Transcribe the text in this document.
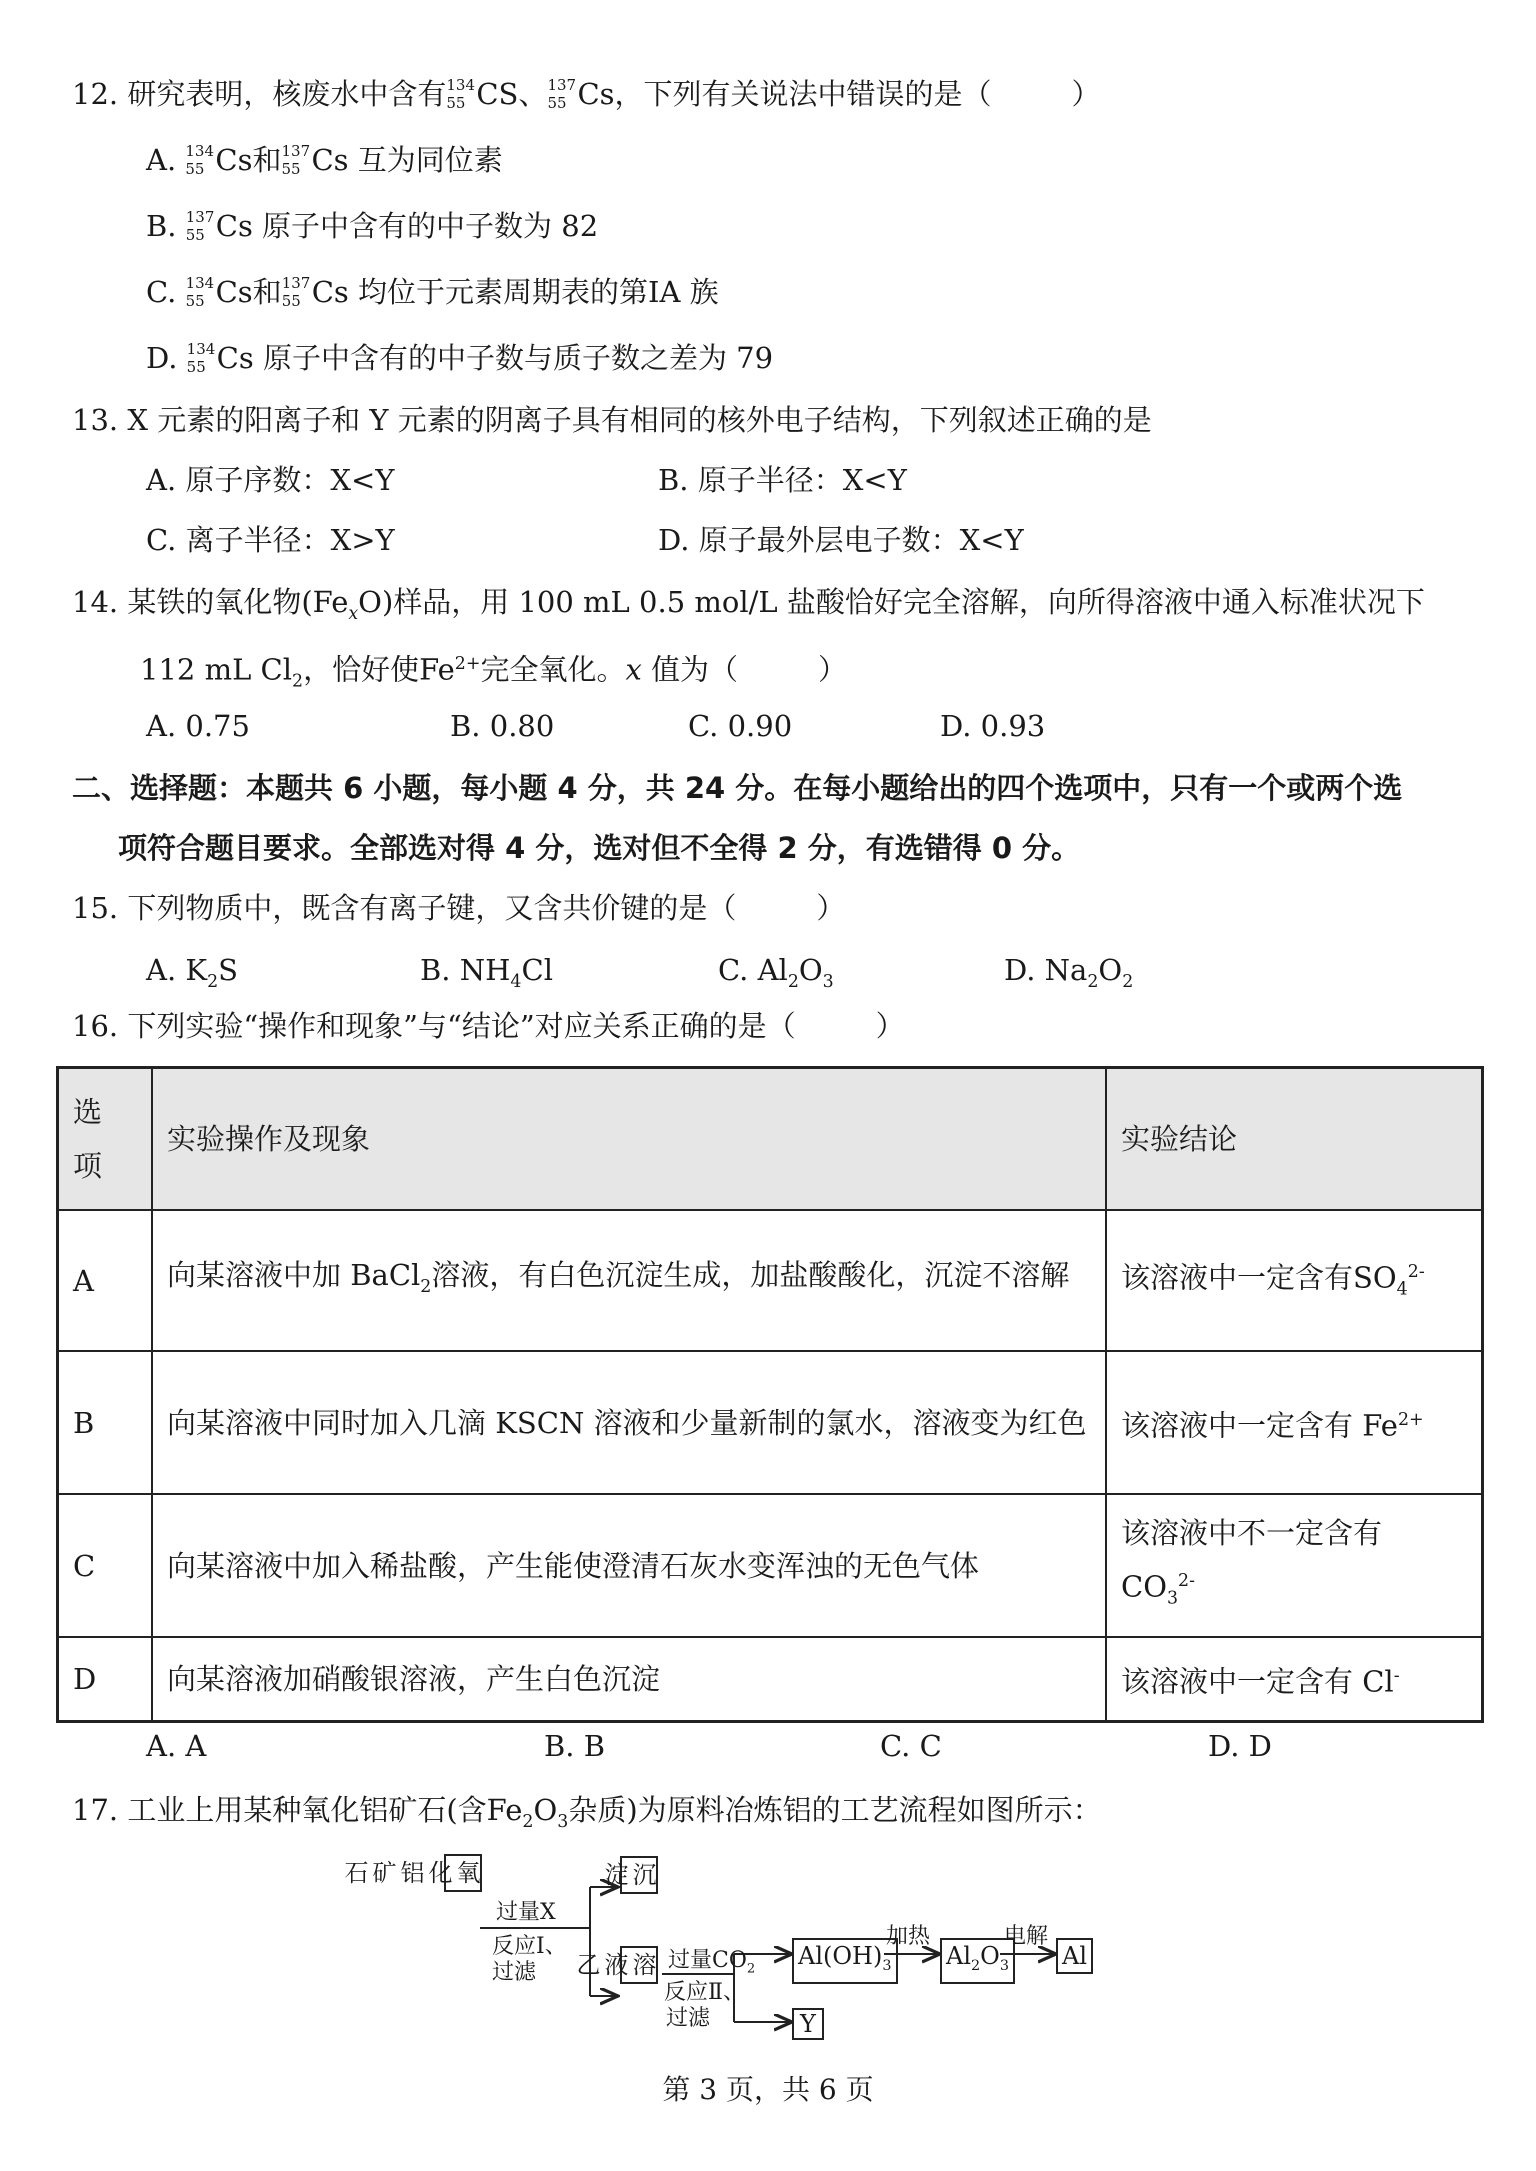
12. 研究表明，核废水中含有 134
55 CS、 137
55 Cs，下列有关说法中错误的是（	）
A. 134
55 Cs和 137
55 Cs 互为同位素
B. 137
55 Cs 原子中含有的中子数为 82
C. 134
55 Cs和 137
55 Cs 均位于元素周期表的第IA 族
D. 134
55 Cs 原子中含有的中子数与质子数之差为 79
13. X 元素的阳离子和 Y 元素的阴离子具有相同的核外电子结构，下列叙述正确的是
A. 原子序数：X<Y	B. 原子半径：X<Y
C. 离子半径：X>Y	D. 原子最外层电子数：X<Y
14. 某铁的氧化物$(Fe_xO)$样品，用 100 mL 0.5 mol/L 盐酸恰好完全溶解，向所得溶液中通入标准状况下
112 mL $Cl_2$，恰好使$Fe^{2+}$完全氧化。x 值为（	）
A. 0.75	B. 0.80	C. 0.90	D. 0.93
二、选择题：本题共 6 小题，每小题 4 分，共 24 分。在每小题给出的四个选项中，只有一个或两个选
项符合题目要求。全部选对得 4 分，选对但不全得 2 分，有选错得 0 分。
15. 下列物质中，既含有离子键，又含共价键的是（	）
A. $K_2S$	B. $NH_4Cl$	C. $Al_2O_3$	D. $Na_2O_2$
16. 下列实验“操作和现象”与“结论”对应关系正确的是（	）
选
项	实验操作及现象	实验结论
A	向某溶液中加 BaCl$_2$溶液，有白色沉淀生成，加盐酸酸化，沉淀不溶解	该溶液中一定含有$SO_4^{2-}$
B	向某溶液中同时加入几滴 KSCN 溶液和少量新制的氯水，溶液变为红色	该溶液中一定含有 $Fe^{2+}$
C	向某溶液中加入稀盐酸，产生能使澄清石灰水变浑浊的无色气体	该溶液中不一定含有
$CO_3^{2-}$
D	向某溶液加硝酸银溶液，产生白色沉淀	该溶液中一定含有 Cl-
A. A	B. B	C. C	D. D
17. 工业上用某种氧化铝矿石(含$Fe_2O_3$杂质)为原料冶炼铝的工艺流程如图所示：
氧化铝矿石
过量X
反应Ⅰ、过滤
沉淀
溶液乙	过量$CO_2$
反应Ⅱ、
过滤
$Al(OH)_3$
加热
$Al_2O_3$
电解
Al
Y
第 3 页，共 6 页
